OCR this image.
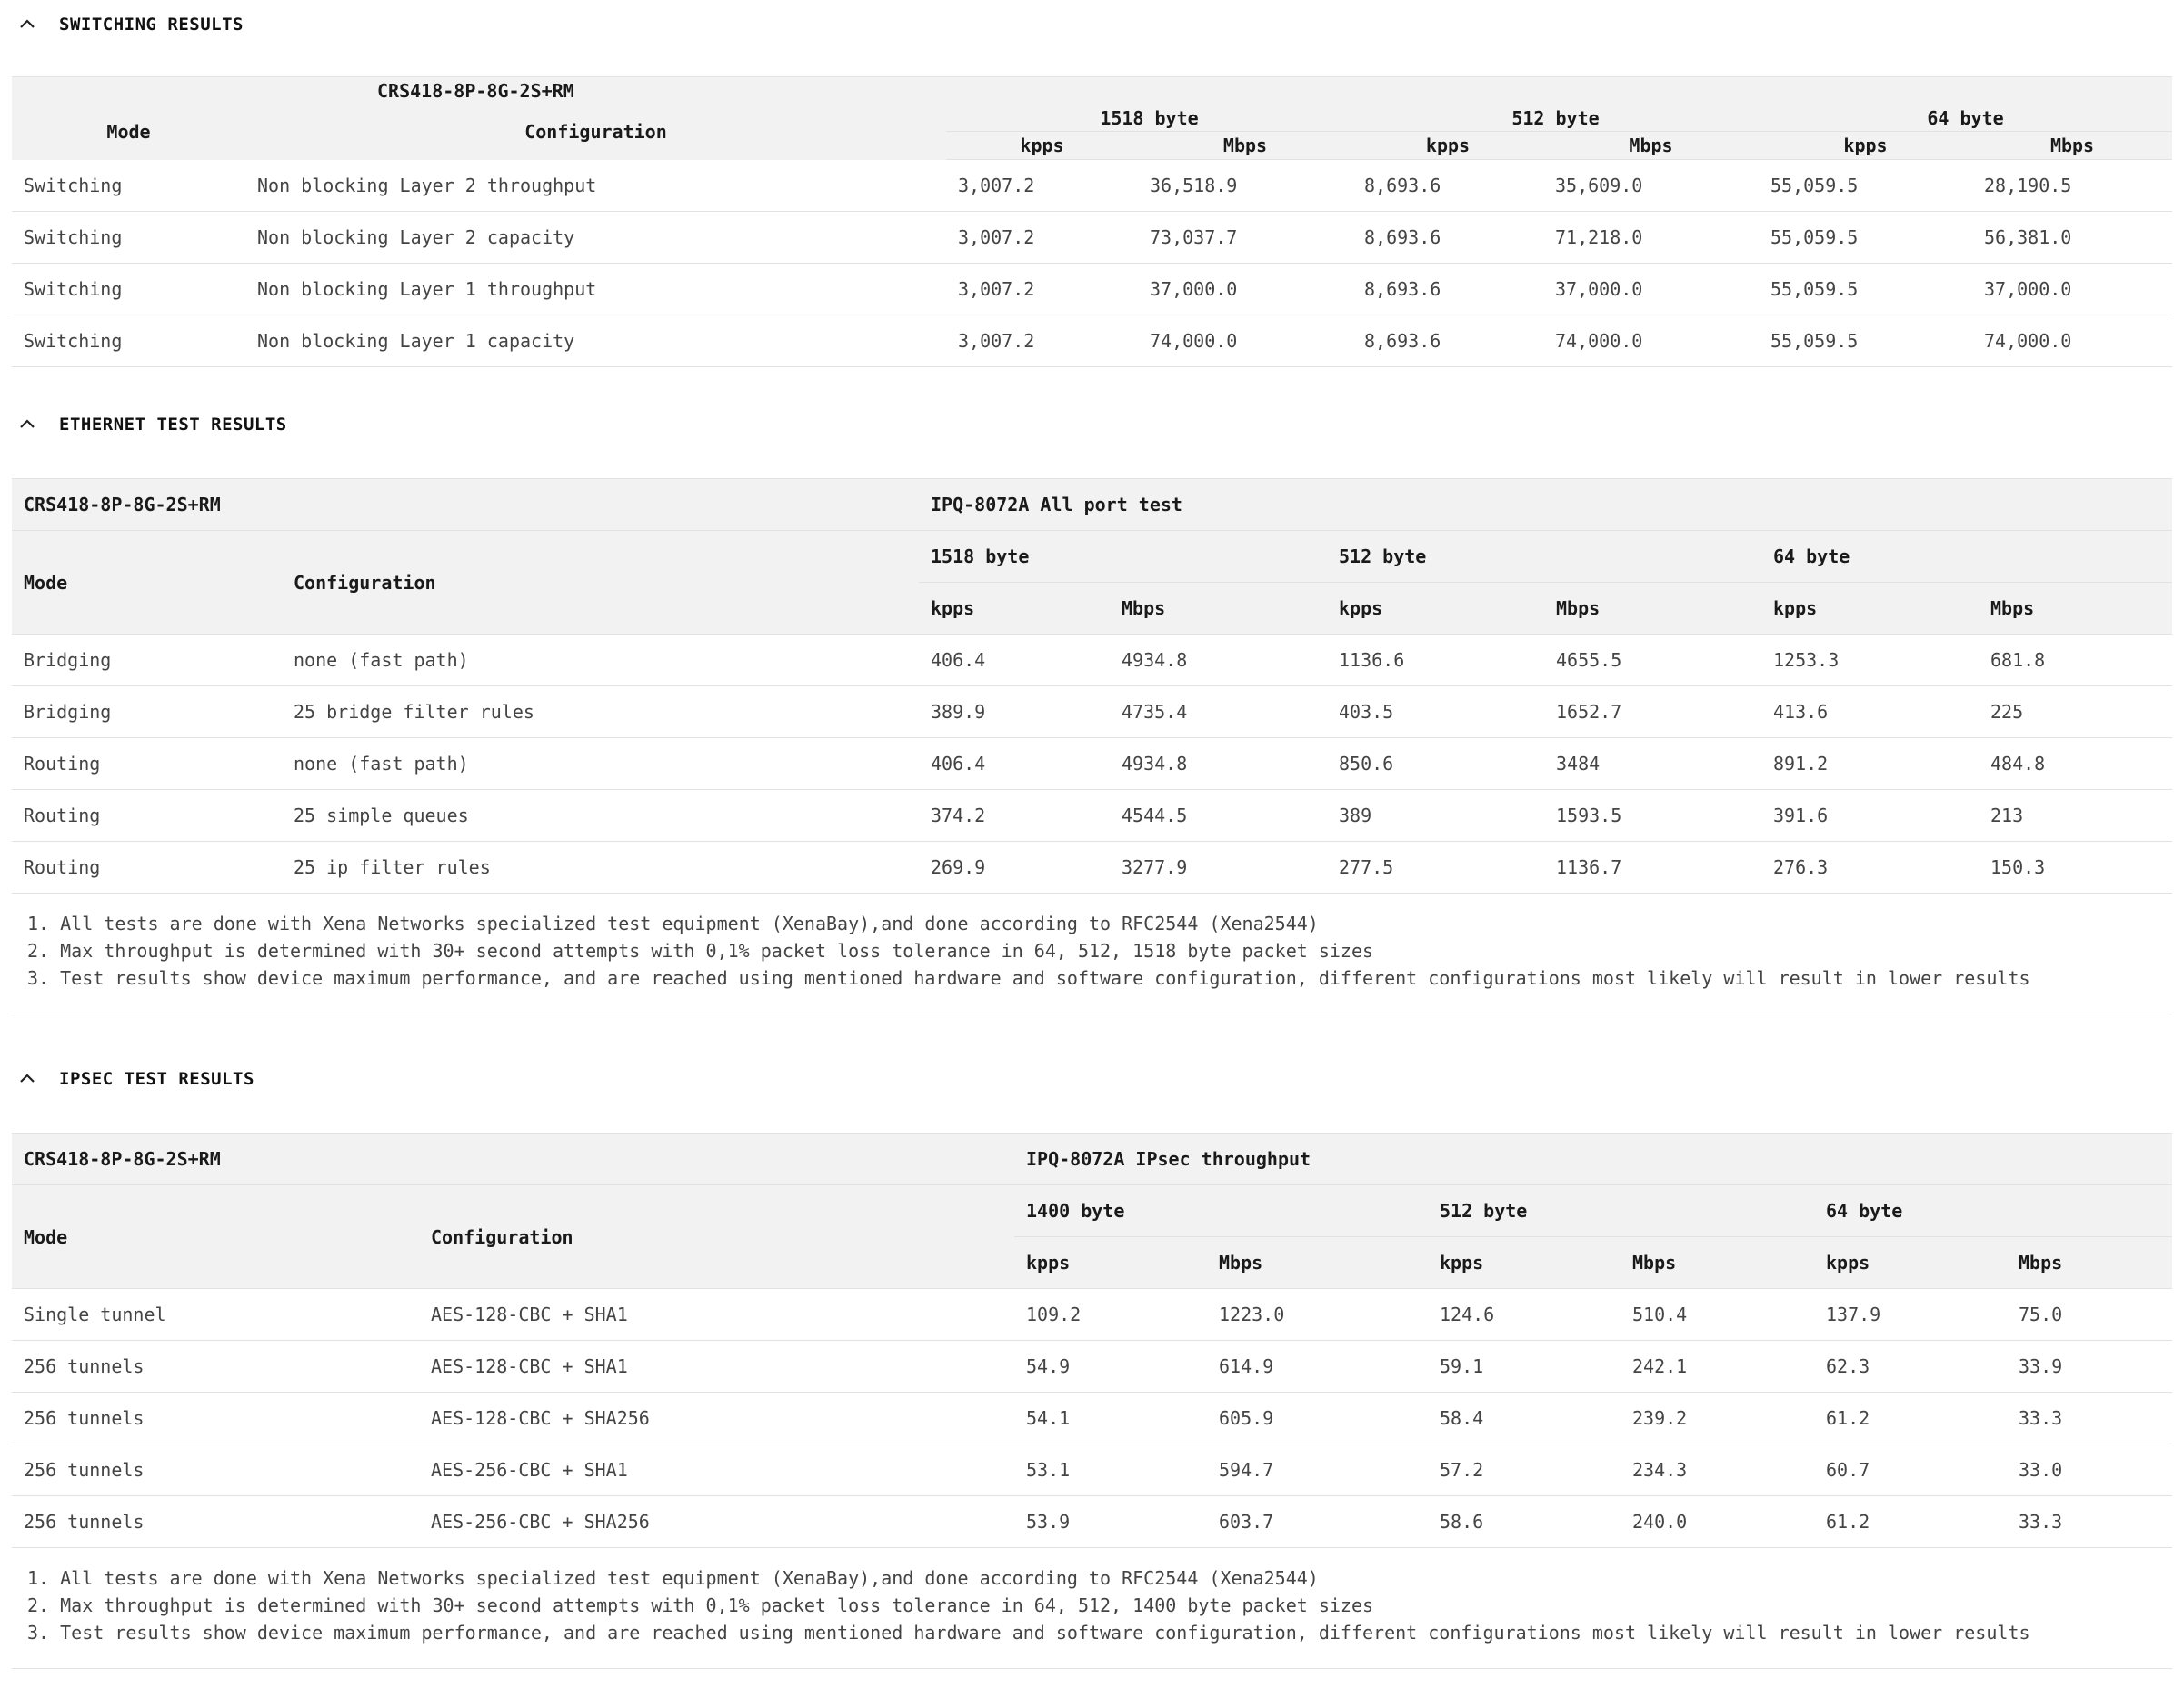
SWITCHING RESULTS
	CRS418-8P-8G-2S+RM						
Mode	Configuration	1518 byte		512 byte		64 byte	
		kpps	Mbps	kpps	Mbps	kpps	Mbps
Switching	Non blocking Layer 2 throughput	3,007.2	36,518.9	8,693.6	35,609.0	55,059.5	28,190.5
Switching	Non blocking Layer 2 capacity	3,007.2	73,037.7	8,693.6	71,218.0	55,059.5	56,381.0
Switching	Non blocking Layer 1 throughput	3,007.2	37,000.0	8,693.6	37,000.0	55,059.5	37,000.0
Switching	Non blocking Layer 1 capacity	3,007.2	74,000.0	8,693.6	74,000.0	55,059.5	74,000.0
ETHERNET TEST RESULTS
CRS418-8P-8G-2S+RM		IPQ-8072A All port test					
Mode	Configuration	1518 byte		512 byte		64 byte	
		kpps	Mbps	kpps	Mbps	kpps	Mbps
Bridging	none (fast path)	406.4	4934.8	1136.6	4655.5	1253.3	681.8
Bridging	25 bridge filter rules	389.9	4735.4	403.5	1652.7	413.6	225
Routing	none (fast path)	406.4	4934.8	850.6	3484	891.2	484.8
Routing	25 simple queues	374.2	4544.5	389	1593.5	391.6	213
Routing	25 ip filter rules	269.9	3277.9	277.5	1136.7	276.3	150.3
1. All tests are done with Xena Networks specialized test equipment (XenaBay),and done according to RFC2544 (Xena2544)
2. Max throughput is determined with 30+ second attempts with 0,1% packet loss tolerance in 64, 512, 1518 byte packet sizes
3. Test results show device maximum performance, and are reached using mentioned hardware and software configuration, different configurations most likely will result in lower results
IPSEC TEST RESULTS
CRS418-8P-8G-2S+RM		IPQ-8072A IPsec throughput					
Mode	Configuration	1400 byte		512 byte		64 byte	
		kpps	Mbps	kpps	Mbps	kpps	Mbps
Single tunnel	AES-128-CBC + SHA1	109.2	1223.0	124.6	510.4	137.9	75.0
256 tunnels	AES-128-CBC + SHA1	54.9	614.9	59.1	242.1	62.3	33.9
256 tunnels	AES-128-CBC + SHA256	54.1	605.9	58.4	239.2	61.2	33.3
256 tunnels	AES-256-CBC + SHA1	53.1	594.7	57.2	234.3	60.7	33.0
256 tunnels	AES-256-CBC + SHA256	53.9	603.7	58.6	240.0	61.2	33.3
1. All tests are done with Xena Networks specialized test equipment (XenaBay),and done according to RFC2544 (Xena2544)
2. Max throughput is determined with 30+ second attempts with 0,1% packet loss tolerance in 64, 512, 1400 byte packet sizes
3. Test results show device maximum performance, and are reached using mentioned hardware and software configuration, different configurations most likely will result in lower results
